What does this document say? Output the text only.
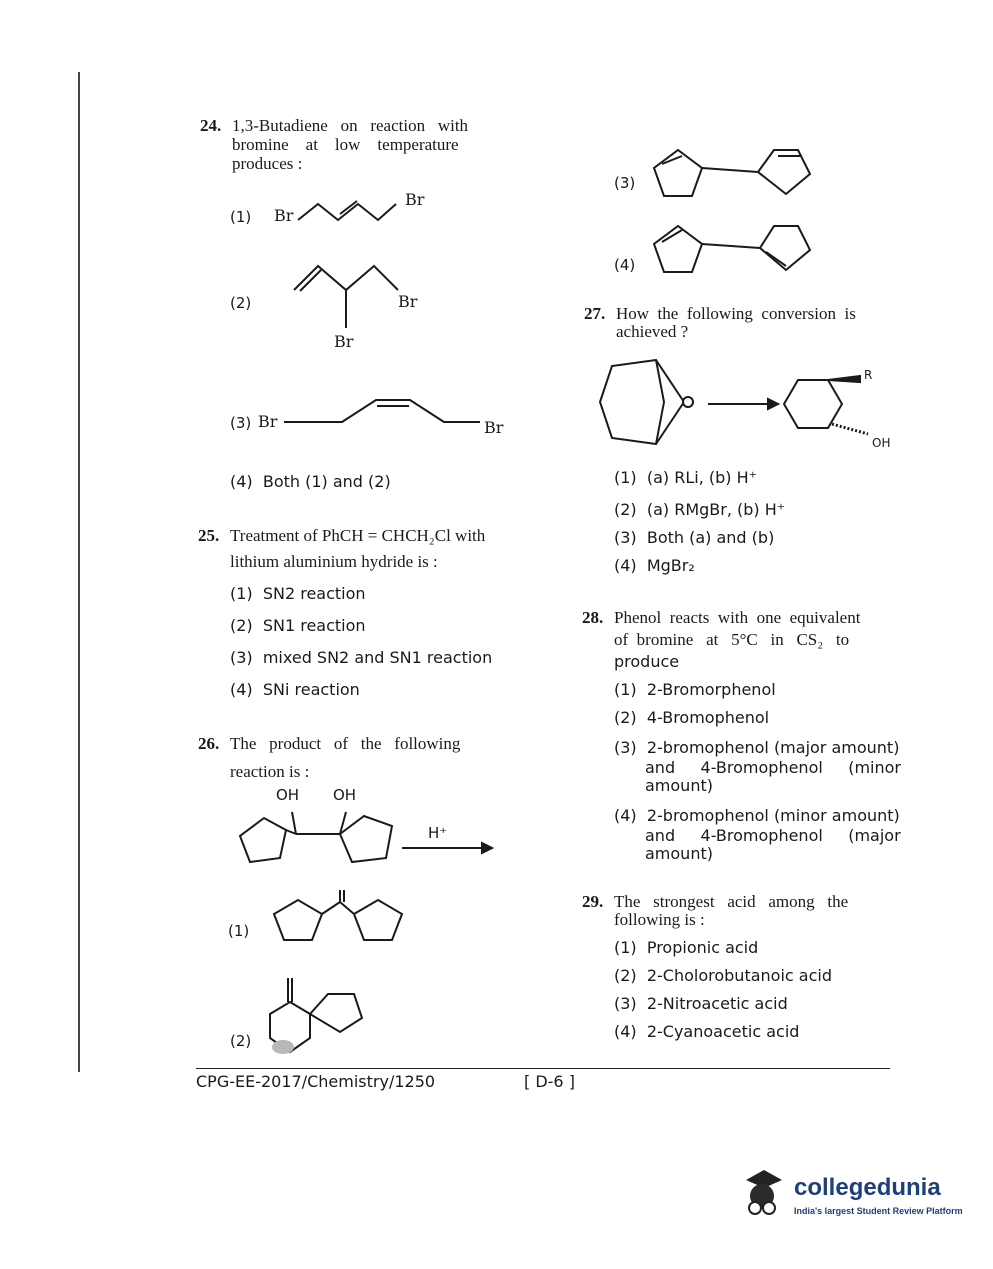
24. 1,3-Butadiene   on   reaction   with
bromine    at    low    temperature
produces :
(1) Br
Br
(2)	Br
Br
(3) Br	Br
(4)  Both (1) and (2)
25. Treatment of PhCH = CHCH₂Cl with
lithium aluminium hydride is :
(1)  SN2 reaction
(2)  SN1 reaction
(3)  mixed SN2 and SN1 reaction
(4)  SNi reaction
26. The   product   of   the   following
reaction is :
OH OH
H⁺
(1)
(2)
(3)
(4)
27. How  the  following  conversion  is
achieved ?
R
OH
(1)  (a) RLi, (b) H⁺
(2)  (a) RMgBr, (b) H⁺
(3)  Both (a) and (b)
(4)  MgBr₂
28. Phenol  reacts  with  one  equivalent
of  bromine   at   5°C   in   CS₂   to
produce
(1)  2-Bromorphenol
(2)  4-Bromophenol
(3)  2-bromophenol (major amount)
and     4-Bromophenol     (minor
amount)
(4)  2-bromophenol (minor amount)
and     4-Bromophenol     (major
amount)
29. The   strongest   acid   among   the
following is :
(1)  Propionic acid
(2)  2-Cholorobutanoic acid
(3)  2-Nitroacetic acid
(4)  2-Cyanoacetic acid
CPG-EE-2017/Chemistry/1250	[ D-6 ]
collegedunia
India's largest Student Review Platform
